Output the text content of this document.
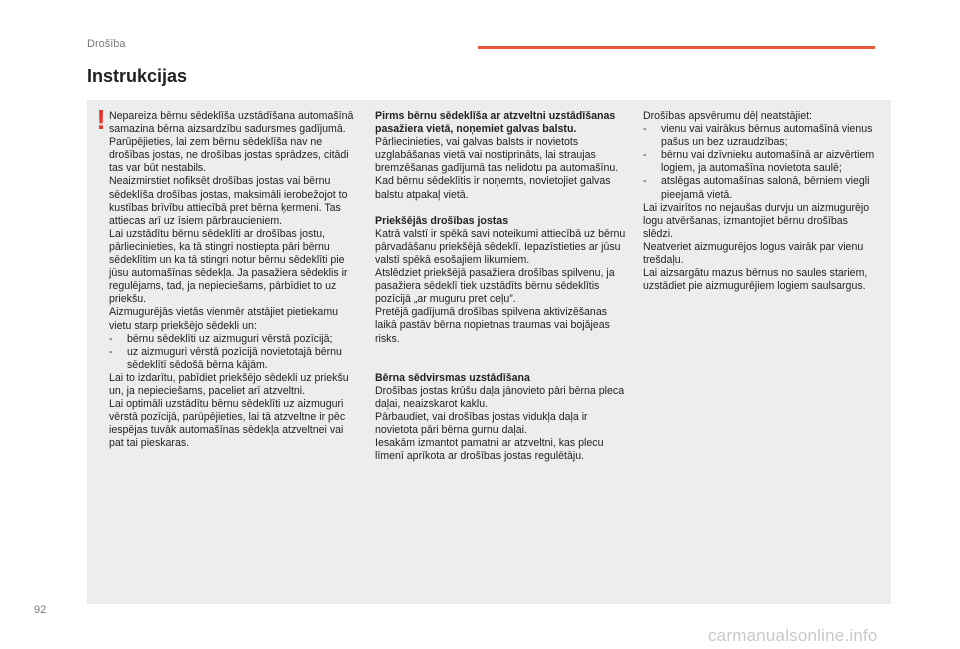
Drošība
Instrukcijas
! Nepareiza bērnu sēdeklīša uzstādīšana automašīnā samazina bērna aizsardzību sadursmes gadījumā.

Parūpējieties, lai zem bērnu sēdeklīša nav ne drošības jostas, ne drošības jostas sprādzes, citādi tas var būt nestabils.

Neaizmirstiet nofiksēt drošības jostas vai bērnu sēdeklīša drošības jostas, maksimāli ierobežojot to kustības brīvību attiecībā pret bērna ķermeni. Tas attiecas arī uz īsiem pārbraucieniem.

Lai uzstādītu bērnu sēdeklīti ar drošības jostu, pārliecinieties, ka tā stingri nostiepta pāri bērnu sēdeklītim un ka tā stingri notur bērnu sēdeklīti pie jūsu automašīnas sēdekļa. Ja pasažiera sēdeklis ir regulējams, tad, ja nepieciešams, pārbīdiet to uz priekšu.

Aizmugurējās vietās vienmēr atstājiet pietiekamu vietu starp priekšējo sēdekli un:

-	bērnu sēdeklīti uz aizmuguri vērstā pozīcijā;
-	uz aizmuguri vērstā pozīcijā novietotajā bērnu sēdeklītī sēdošā bērna kājām.

Lai to izdarītu, pabīdiet priekšējo sēdekli uz priekšu un, ja nepieciešams, paceliet arī atzveltni.

Lai optimāli uzstādītu bērnu sēdeklīti uz aizmuguri vērstā pozīcijā, parūpējieties, lai tā atzveltne ir pēc iespējas tuvāk automašīnas sēdekļa atzveltnei vai pat tai pieskaras.

Pirms bērnu sēdeklīša ar atzveltni uzstādīšanas pasažiera vietā, noņemiet galvas balstu.

Pārliecinieties, vai galvas balsts ir novietots uzglabāšanas vietā vai nostiprināts, lai straujas bremzēšanas gadījumā tas nelidotu pa automašīnu. Kad bērnu sēdeklītis ir noņemts, novietojiet galvas balstu atpakaļ vietā.

Priekšējās drošības jostas

Katrā valstī ir spēkā savi noteikumi attiecībā uz bērnu pārvadāšanu priekšējā sēdeklī. Iepazīstieties ar jūsu valstī spēkā esošajiem likumiem.

Atslēdziet priekšējā pasažiera drošības spilvenu, ja pasažiera sēdeklī tiek uzstādīts bērnu sēdeklītis pozīcijā „ar muguru pret ceļu”.

Pretējā gadījumā drošības spilvena aktivizēšanas laikā pastāv bērna nopietnas traumas vai bojājeas risks.

Bērna sēdvirsmas uzstādīšana

Drošības jostas krūšu daļa jānovieto pāri bērna pleca daļai, neaizskarot kaklu.

Pārbaudiet, vai drošības jostas vidukļa daļa ir novietota pāri bērna gurnu daļai.

Iesakām izmantot pamatni ar atzveltni, kas plecu līmenī aprīkota ar drošības jostas regulētāju.

Drošības apsvērumu dēļ neatstājiet:

-	vienu vai vairākus bērnus automašīnā vienus pašus un bez uzraudzības;
-	bērnu vai dzīvnieku automašīnā ar aizvērtiem logiem, ja automašīna novietota saulē;
-	atslēgas automašīnas salonā, bērniem viegli pieejamā vietā.

Lai izvairītos no nejaušas durvju un aizmugurējo logu atvēršanas, izmantojiet bērnu drošības slēdzi.

Neatveriet aizmugurējos logus vairāk par vienu trešdaļu.

Lai aizsargātu mazus bērnus no saules stariem, uzstādiet pie aizmugurējiem logiem saulsargus.

92
carmanualsonline.info
